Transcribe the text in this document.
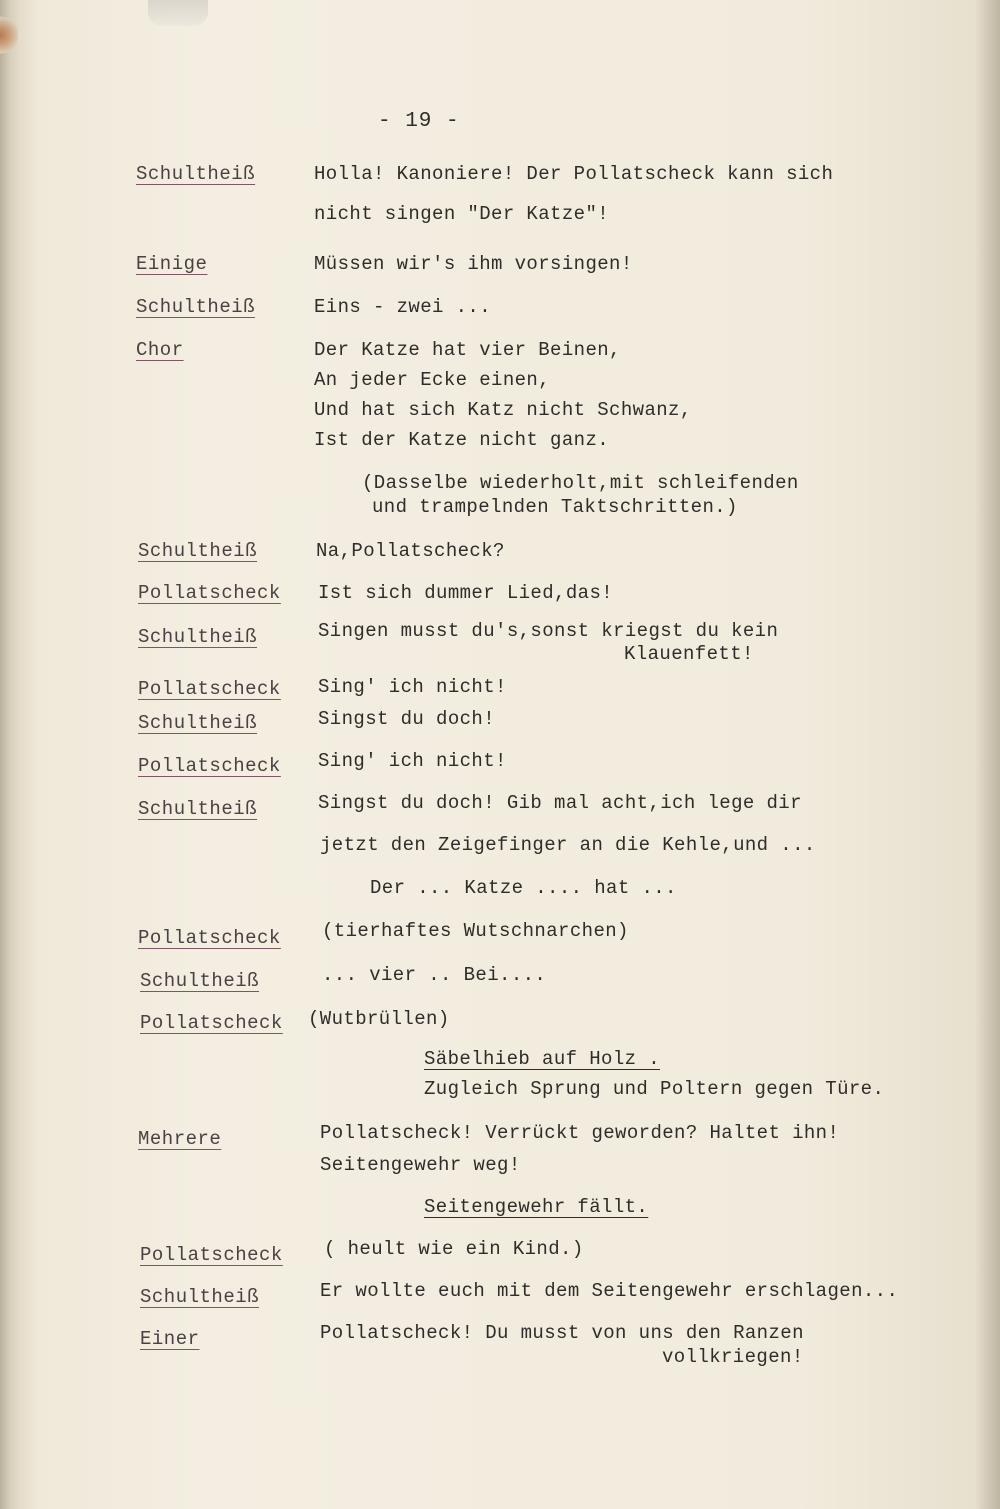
- 19 -
Schultheiß	Holla! Kanoniere! Der Pollatscheck kann sich
nicht singen "Der Katze"!
Einige	Müssen wir's ihm vorsingen!
Schultheiß	Eins - zwei ...
Chor	Der Katze hat vier Beinen,
An jeder Ecke einen,
Und hat sich Katz nicht Schwanz,
Ist der Katze nicht ganz.
(Dasselbe wiederholt,mit schleifenden
und trampelnden Taktschritten.)
Schultheiß	Na,Pollatscheck?
Pollatscheck Ist sich dummer Lied,das!
Schultheiß	Singen musst du's,sonst kriegst du kein
Klauenfett!
Pollatscheck Sing' ich nicht!
Schultheiß	Singst du doch!
Pollatscheck Sing' ich nicht!
Schultheiß	Singst du doch! Gib mal acht,ich lege dir
jetzt den Zeigefinger an die Kehle,und ...
Der ... Katze .... hat ...
Pollatscheck (tierhaftes Wutschnarchen)
Schultheiß	... vier .. Bei....
Pollatscheck (Wutbrüllen)
Säbelhieb auf Holz .
Zugleich Sprung und Poltern gegen Türe.
Mehrere	Pollatscheck! Verrückt geworden? Haltet ihn!
Seitengewehr weg!
Seitengewehr fällt.
Pollatscheck ( heult wie ein Kind.)
Schultheiß	Er wollte euch mit dem Seitengewehr erschlagen...
Einer	Pollatscheck! Du musst von uns den Ranzen
vollkriegen!
